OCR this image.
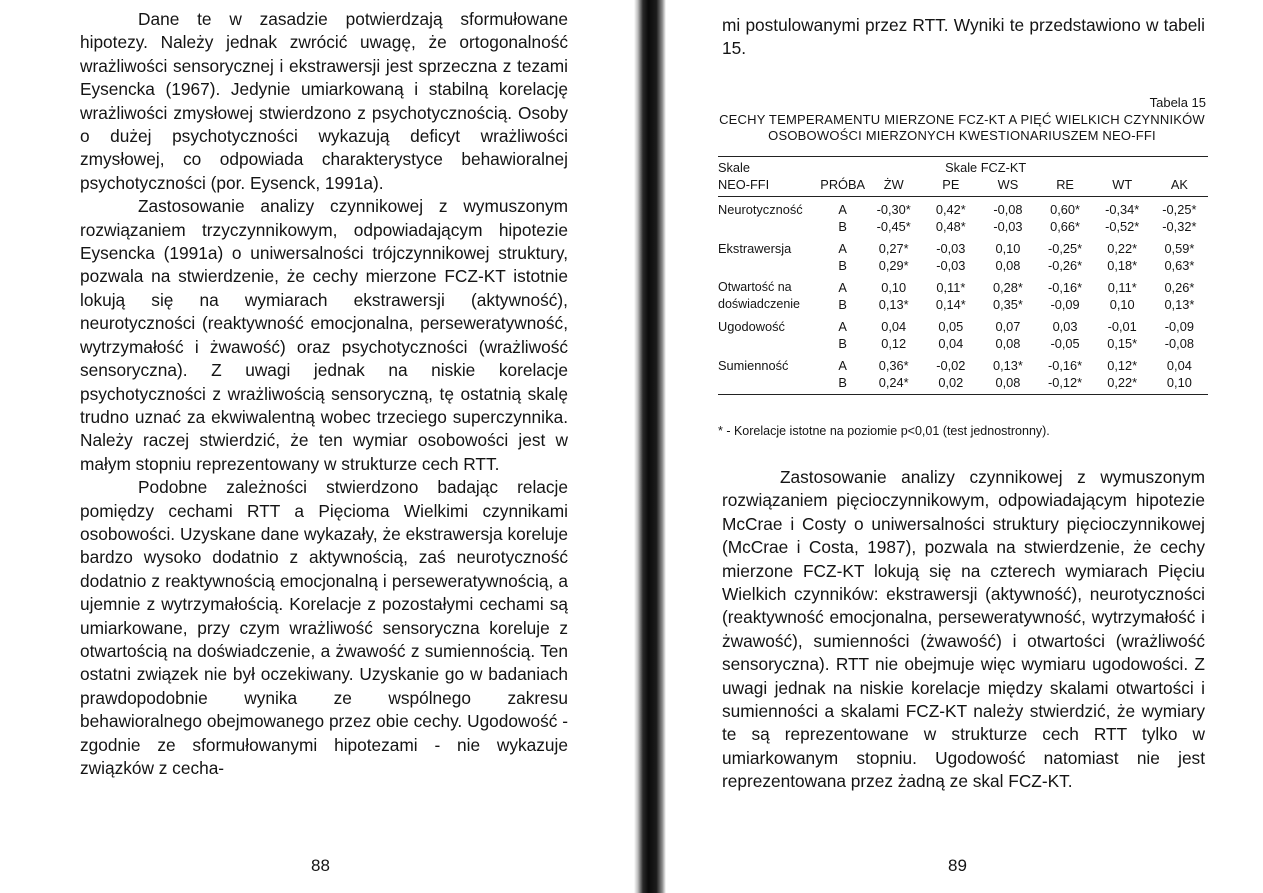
Dane te w zasadzie potwierdzają sformułowane hipotezy. Należy jednak zwrócić uwagę, że ortogonalność wrażliwości sensorycznej i ekstrawersji jest sprzeczna z tezami Eysencka (1967). Jedynie umiarkowaną i stabilną korelację wrażliwości zmysłowej stwierdzono z psychotycznością. Osoby o dużej psychotyczności wykazują deficyt wrażliwości zmysłowej, co odpowiada charakterystyce behawioralnej psychotyczności (por. Eysenck, 1991a).

Zastosowanie analizy czynnikowej z wymuszonym rozwiązaniem trzyczynnikowym, odpowiadającym hipotezie Eysencka (1991a) o uniwersalności trójczynnikowej struktury, pozwala na stwierdzenie, że cechy mierzone FCZ-KT istotnie lokują się na wymiarach ekstrawersji (aktywność), neurotyczności (reaktywność emocjonalna, perseweratywność, wytrzymałość i żwawość) oraz psychotyczności (wrażliwość sensoryczna). Z uwagi jednak na niskie korelacje psychotyczności z wrażliwością sensoryczną, tę ostatnią skalę trudno uznać za ekwiwalentną wobec trzeciego superczynnika. Należy raczej stwierdzić, że ten wymiar osobowości jest w małym stopniu reprezentowany w strukturze cech RTT.

Podobne zależności stwierdzono badając relacje pomiędzy cechami RTT a Pięcioma Wielkimi czynnikami osobowości. Uzyskane dane wykazały, że ekstrawersja koreluje bardzo wysoko dodatnio z aktywnością, zaś neurotyczność dodatnio z reaktywnością emocjonalną i perseweratywnością, a ujemnie z wytrzymałością. Korelacje z pozostałymi cechami są umiarkowane, przy czym wrażliwość sensoryczna koreluje z otwartością na doświadczenie, a żwawość z sumiennością. Ten ostatni związek nie był oczekiwany. Uzyskanie go w badaniach prawdopodobnie wynika ze wspólnego zakresu behawioralnego obejmowanego przez obie cechy. Ugodowość - zgodnie ze sformułowanymi hipotezami - nie wykazuje związków z cecha-

88

mi postulowanymi przez RTT. Wyniki te przedstawiono w tabeli 15.

Tabela 15
CECHY TEMPERAMENTU MIERZONE FCZ-KT A PIĘĆ WIELKICH CZYNNIKÓW OSOBOWOŚCI MIERZONYCH KWESTIONARIUSZEM NEO-FFI
Skale		Skale FCZ-KT					
NEO-FFI	PRÓBA	ŻW	PE	WS	RE	WT	AK
Neurotyczność	A	-0,30*	0,42*	-0,08	0,60*	-0,34*	-0,25*
	B	-0,45*	0,48*	-0,03	0,66*	-0,52*	-0,32*
Ekstrawersja	A	0,27*	-0,03	0,10	-0,25*	0,22*	0,59*
	B	0,29*	-0,03	0,08	-0,26*	0,18*	0,63*
Otwartość na	A	0,10	0,11*	0,28*	-0,16*	0,11*	0,26*
doświadczenie	B	0,13*	0,14*	0,35*	-0,09	0,10	0,13*
Ugodowość	A	0,04	0,05	0,07	0,03	-0,01	-0,09
	B	0,12	0,04	0,08	-0,05	0,15*	-0,08
Sumienność	A	0,36*	-0,02	0,13*	-0,16*	0,12*	0,04
	B	0,24*	0,02	0,08	-0,12*	0,22*	0,10
* - Korelacje istotne na poziomie p<0,01 (test jednostronny).

Zastosowanie analizy czynnikowej z wymuszonym rozwiązaniem pięcioczynnikowym, odpowiadającym hipotezie McCrae i Costy o uniwersalności struktury pięcioczynnikowej (McCrae i Costa, 1987), pozwala na stwierdzenie, że cechy mierzone FCZ-KT lokują się na czterech wymiarach Pięciu Wielkich czynników: ekstrawersji (aktywność), neurotyczności (reaktywność emocjonalna, perseweratywność, wytrzymałość i żwawość), sumienności (żwawość) i otwartości (wrażliwość sensoryczna). RTT nie obejmuje więc wymiaru ugodowości. Z uwagi jednak na niskie korelacje między skalami otwartości i sumienności a skalami FCZ-KT należy stwierdzić, że wymiary te są reprezentowane w strukturze cech RTT tylko w umiarkowanym stopniu. Ugodowość natomiast nie jest reprezentowana przez żadną ze skal FCZ-KT.

89
